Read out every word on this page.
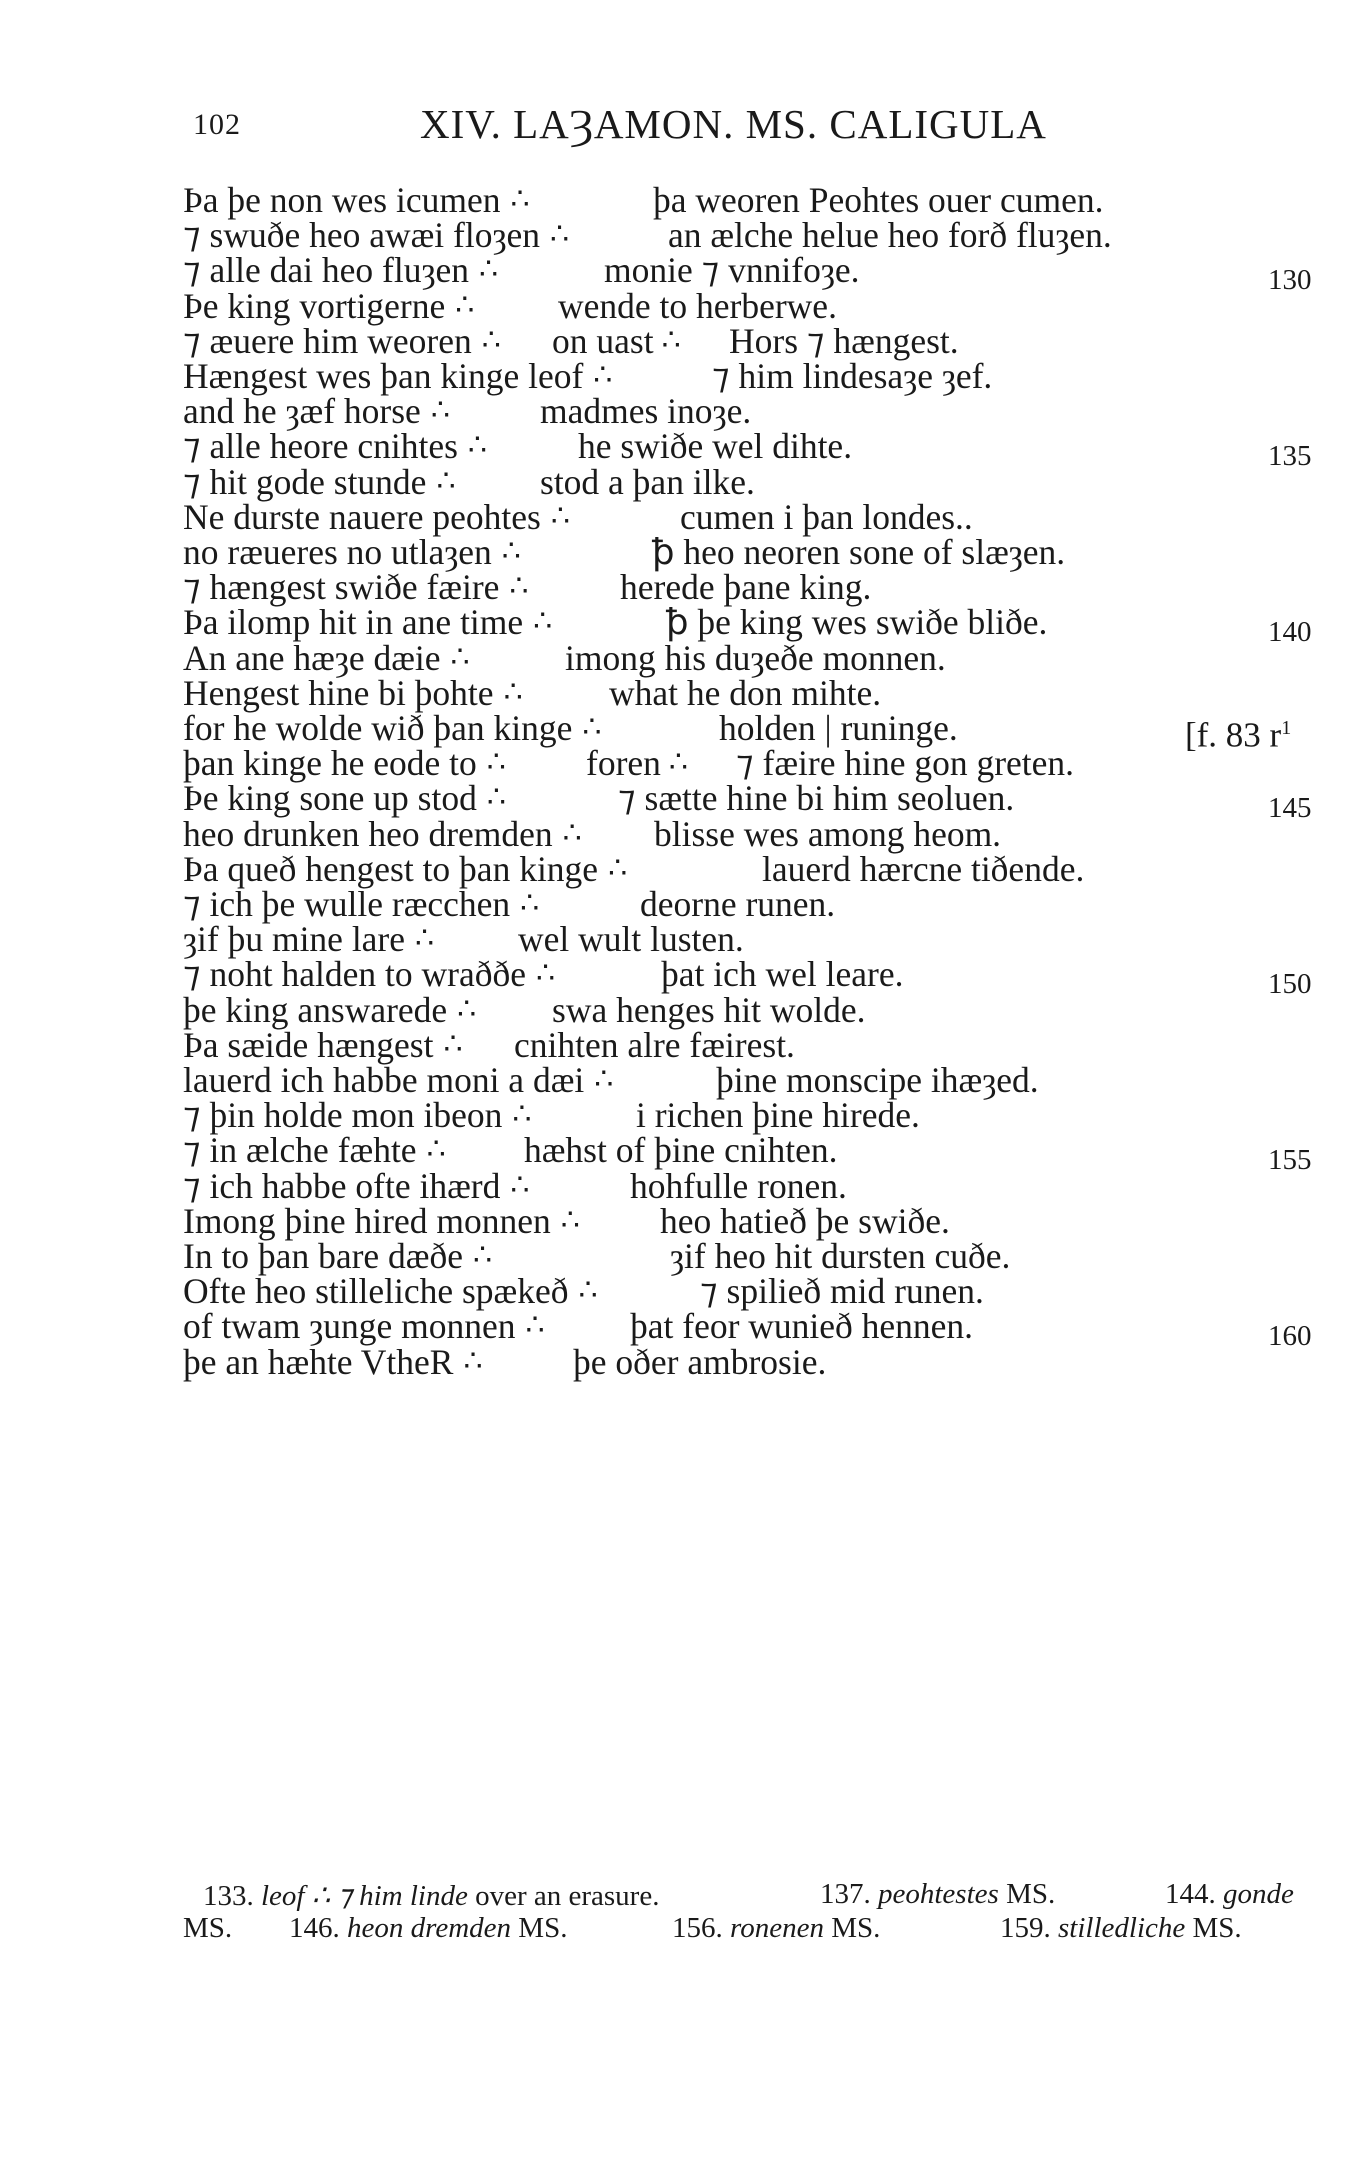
102	XIV. LAȜAMON. MS. CALIGULA
Þa þe non wes icumen ∴	þa weoren Peohtes ouer cumen.
⁊ swuðe heo awæi floȝen ∴	an ælche helue heo forð fluȝen.
⁊ alle dai heo fluȝen ∴	monie ⁊ vnnifoȝe.	130
Þe king vortigerne ∴ wende to herberwe.
⁊ æuere him weoren ∴ on uast ∴ Hors ⁊ hængest.
Hængest wes þan kinge leof ∴	⁊ him lindesaȝe ȝef.
and he ȝæf horse ∴	madmes inoȝe.
⁊ alle heore cnihtes ∴	he swiðe wel dihte.	135
⁊ hit gode stunde ∴ stod a þan ilke.
Ne durste nauere peohtes ∴	cumen i þan londes..
no ræueres no utlaȝen ∴	ꝥ heo neoren sone of slæȝen.
⁊ hængest swiðe fæire ∴	herede þane king.
Þa ilomp hit in ane time ∴	ꝥ þe king wes swiðe bliðe.	140
An ane hæȝe dæie ∴	imong his duȝeðe monnen.
Hengest hine bi þohte ∴ what he don mihte.
for he wolde wið þan kinge ∴	holden | runinge.	[f. 83 $r^1$
þan kinge he eode to ∴ foren ∴ ⁊ fæire hine gon greten.
Þe king sone up stod ∴	⁊ sætte hine bi him seoluen.	145
heo drunken heo dremden ∴ blisse wes among heom.
Þa queð hengest to þan kinge ∴	lauerd hærcne tiðende.
⁊ ich þe wulle ræcchen ∴	deorne runen.
ȝif þu mine lare ∴ wel wult lusten.
⁊ noht halden to wraððe ∴	þat ich wel leare.	150
þe king answarede ∴ swa henges hit wolde.
Þa sæide hængest ∴ cnihten alre fæirest.
lauerd ich habbe moni a dæi ∴	þine monscipe ihæȝed.
⁊ þin holde mon ibeon ∴	i richen þine hirede.
⁊ in ælche fæhte ∴ hæhst of þine cnihten.	155
⁊ ich habbe ofte ihærd ∴	hohfulle ronen.
Imong þine hired monnen ∴ heo hatieð þe swiðe.
In to þan bare dæðe ∴	ȝif heo hit dursten cuðe.
Ofte heo stilleliche spækeð ∴	⁊ spilieð mid runen.
of twam ȝunge monnen ∴ þat feor wunieð hennen.	160
þe an hæhte VtheR ∴	þe oðer ambrosie.
133. leof ∴ ⁊ him linde over an erasure.	137. peohtestes MS.	144. gonde
MS. 146. heon dremden MS.	156. ronenen MS.	159. stilledliche MS.
